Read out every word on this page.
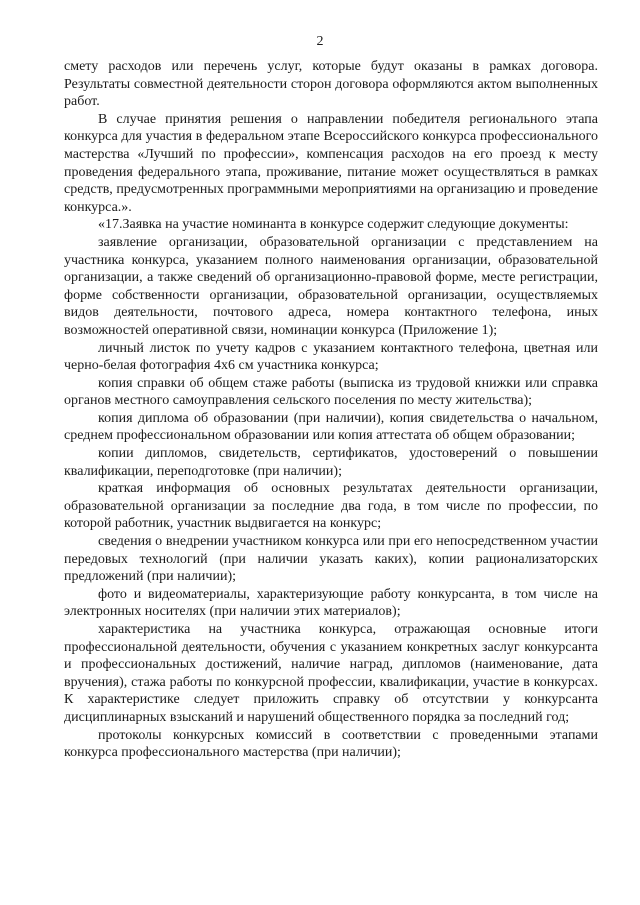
2

смету расходов или перечень услуг, которые будут оказаны в рамках договора. Результаты совместной деятельности сторон договора оформляются актом выполненных работ.

В случае принятия решения о направлении победителя регионального этапа конкурса для участия в федеральном этапе Всероссийского конкурса профессионального мастерства «Лучший по профессии», компенсация расходов на его проезд к месту проведения федерального этапа, проживание, питание может осуществляться в рамках средств, предусмотренных программными мероприятиями на организацию и проведение конкурса.».

«17.Заявка на участие номинанта в конкурсе содержит следующие документы:

заявление организации, образовательной организации с представлением на участника конкурса, указанием полного наименования организации, образовательной организации, а также сведений об организационно-правовой форме, месте регистрации, форме собственности организации, образовательной организации, осуществляемых видов деятельности, почтового адреса, номера контактного телефона, иных возможностей оперативной связи, номинации конкурса (Приложение 1);

личный листок по учету кадров с указанием контактного телефона, цветная или черно-белая фотография 4х6 см участника конкурса;

копия справки об общем стаже работы (выписка из трудовой книжки или справка органов местного самоуправления сельского поселения по месту жительства);

копия диплома об образовании (при наличии), копия свидетельства о начальном, среднем профессиональном образовании или копия аттестата об общем образовании;

копии дипломов, свидетельств, сертификатов, удостоверений о повышении квалификации, переподготовке (при наличии);

краткая информация об основных результатах деятельности организации, образовательной организации за последние два года, в том числе по профессии, по которой работник, участник выдвигается на конкурс;

сведения о внедрении участником конкурса или при его непосредственном участии передовых технологий (при наличии указать каких), копии рационализаторских предложений (при наличии);

фото и видеоматериалы, характеризующие работу конкурсанта, в том числе на электронных носителях (при наличии этих материалов);

характеристика на участника конкурса, отражающая основные итоги профессиональной деятельности, обучения с указанием конкретных заслуг конкурсанта и профессиональных достижений, наличие наград, дипломов (наименование, дата вручения), стажа работы по конкурсной профессии, квалификации, участие в конкурсах. К характеристике следует приложить справку об отсутствии у конкурсанта дисциплинарных взысканий и нарушений общественного порядка за последний год;

протоколы конкурсных комиссий в соответствии с проведенными этапами конкурса профессионального мастерства (при наличии);
